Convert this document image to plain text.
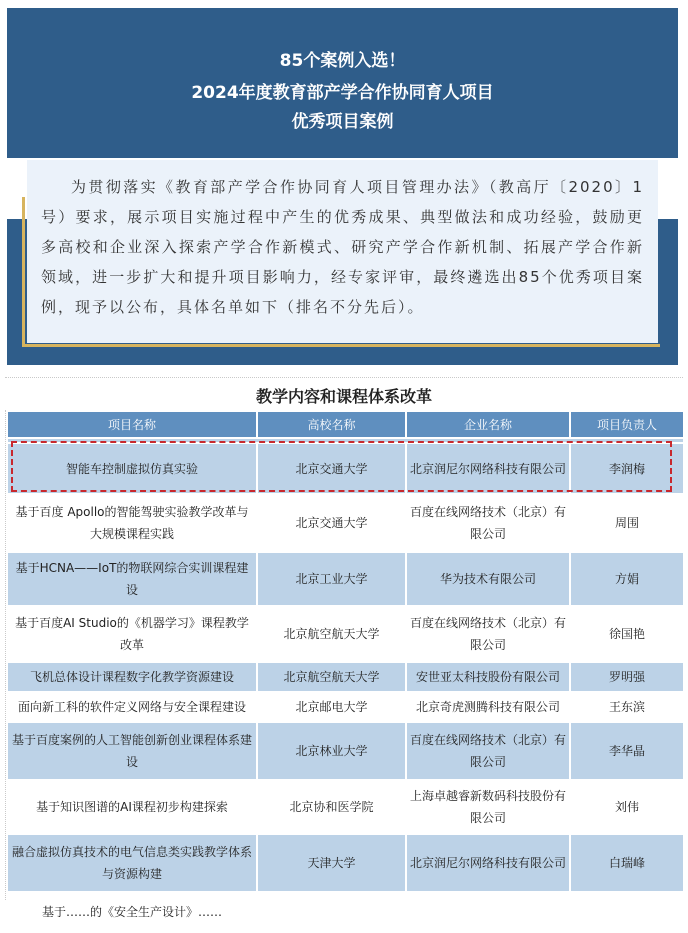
85个案例入选！
2024年度教育部产学合作协同育人项目
优秀项目案例
为贯彻落实《教育部产学合作协同育人项目管理办法》（教高厅〔2020〕1号）要求，展示项目实施过程中产生的优秀成果、典型做法和成功经验，鼓励更多高校和企业深入探索产学合作新模式、研究产学合作新机制、拓展产学合作新领域，进一步扩大和提升项目影响力，经专家评审，最终遴选出85个优秀项目案例，现予以公布，具体名单如下（排名不分先后）。
教学内容和课程体系改革
项目名称	高校名称	企业名称	项目负责人

智能车控制虚拟仿真实验	北京交通大学	北京润尼尔网络科技有限公司	李润梅
基于百度 Apollo的智能驾驶实验教学改革与大规模课程实践	北京交通大学	百度在线网络技术（北京）有限公司	周围
基于HCNA——IoT的物联网综合实训课程建设	北京工业大学	华为技术有限公司	方娟
基于百度AI Studio的《机器学习》课程教学改革	北京航空航天大学	百度在线网络技术（北京）有限公司	徐国艳
飞机总体设计课程数字化教学资源建设	北京航空航天大学	安世亚太科技股份有限公司	罗明强
面向新工科的软件定义网络与安全课程建设	北京邮电大学	北京奇虎测腾科技有限公司	王东滨
基于百度案例的人工智能创新创业课程体系建设	北京林业大学	百度在线网络技术（北京）有限公司	李华晶
基于知识图谱的AI课程初步构建探索	北京协和医学院	上海卓越睿新数码科技股份有限公司	刘伟
融合虚拟仿真技术的电气信息类实践教学体系与资源构建	天津大学	北京润尼尔网络科技有限公司	白瑞峰
基于……的《安全生产设计》……			
